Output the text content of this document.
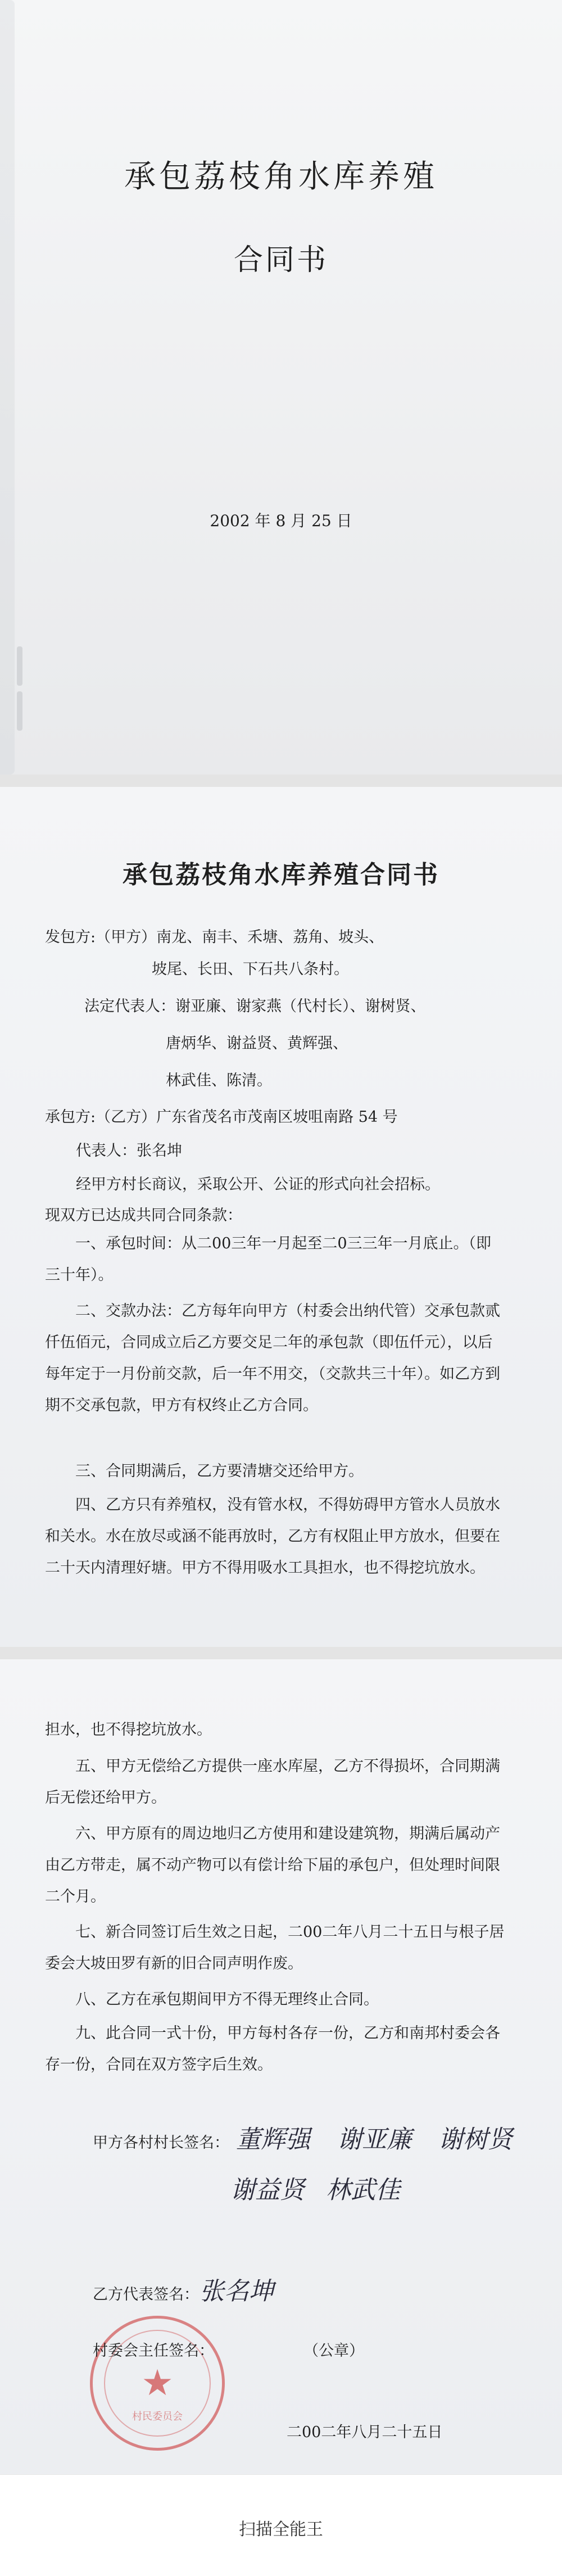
承包荔枝角水库养殖
合同书
2002 年 8 月 25 日
承包荔枝角水库养殖合同书
发包方:（甲方）南龙、南丰、禾塘、荔角、坡头、
坡尾、长田、下石共八条村。
法定代表人：谢亚廉、谢家燕（代村长）、谢树贤、
唐炳华、谢益贤、黄辉强、
林武佳、陈清。
承包方:（乙方）广东省茂名市茂南区坡咀南路 54 号
代表人：张名坤
经甲方村长商议，采取公开、公证的形式向社会招标。
现双方已达成共同合同条款：
一、承包时间：从二00三年一月起至二0三三年一月底止。（即三十年）。
二、交款办法：乙方每年向甲方（村委会出纳代管）交承包款贰仟伍佰元，合同成立后乙方要交足二年的承包款（即伍仟元），以后每年定于一月份前交款，后一年不用交，（交款共三十年）。如乙方到期不交承包款，甲方有权终止乙方合同。
三、合同期满后，乙方要清塘交还给甲方。
四、乙方只有养殖权，没有管水权，不得妨碍甲方管水人员放水和关水。水在放尽或涵不能再放时，乙方有权阻止甲方放水，但要在二十天内清理好塘。甲方不得用吸水工具担水，也不得挖坑放水。
担水，也不得挖坑放水。
五、甲方无偿给乙方提供一座水库屋，乙方不得损坏，合同期满后无偿还给甲方。
六、甲方原有的周边地归乙方使用和建设建筑物，期满后属动产由乙方带走，属不动产物可以有偿计给下届的承包户，但处理时间限二个月。
七、新合同签订后生效之日起，二00二年八月二十五日与根子居委会大坡田罗有新的旧合同声明作废。
八、乙方在承包期间甲方不得无理终止合同。
九、此合同一式十份，甲方每村各存一份，乙方和南邦村委会各存一份，合同在双方签字后生效。
甲方各村村长签名： 董辉强 谢亚廉 谢树贤
谢益贤 林武佳
乙方代表签名： 张名坤
★
村民委员会
村委会主任签名：	（公章）
二00二年八月二十五日
扫描全能王
